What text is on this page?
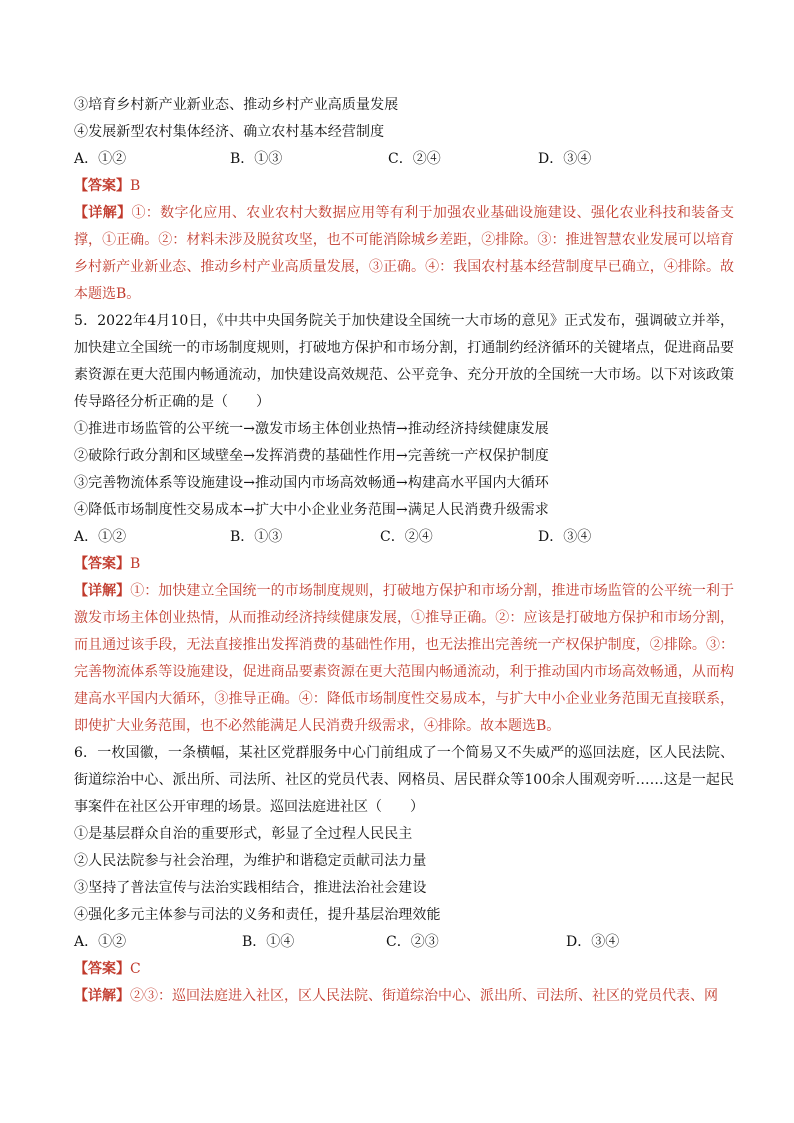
③培育乡村新产业新业态、推动乡村产业高质量发展
④发展新型农村集体经济、确立农村基本经营制度
A．①②	B．①③	C．②④	D．③④
【答案】B
【详解】①：数字化应用、农业农村大数据应用等有利于加强农业基础设施建设、强化农业科技和装备支撑，①正确。②：材料未涉及脱贫攻坚，也不可能消除城乡差距，②排除。③：推进智慧农业发展可以培育乡村新产业新业态、推动乡村产业高质量发展，③正确。④：我国农村基本经营制度早已确立，④排除。故本题选B。
5．2022年4月10日，《中共中央国务院关于加快建设全国统一大市场的意见》正式发布，强调破立并举，加快建立全国统一的市场制度规则，打破地方保护和市场分割，打通制约经济循环的关键堵点，促进商品要素资源在更大范围内畅通流动，加快建设高效规范、公平竞争、充分开放的全国统一大市场。以下对该政策传导路径分析正确的是（　　）
①推进市场监管的公平统一→激发市场主体创业热情→推动经济持续健康发展
②破除行政分割和区域壁垒→发挥消费的基础性作用→完善统一产权保护制度
③完善物流体系等设施建设→推动国内市场高效畅通→构建高水平国内大循环
④降低市场制度性交易成本→扩大中小企业业务范围→满足人民消费升级需求
A．①②	B．①③	C．②④	D．③④
【答案】B
【详解】①：加快建立全国统一的市场制度规则，打破地方保护和市场分割，推进市场监管的公平统一利于激发市场主体创业热情，从而推动经济持续健康发展，①推导正确。②：应该是打破地方保护和市场分割，而且通过该手段，无法直接推出发挥消费的基础性作用，也无法推出完善统一产权保护制度，②排除。③：完善物流体系等设施建设，促进商品要素资源在更大范围内畅通流动，利于推动国内市场高效畅通，从而构建高水平国内大循环，③推导正确。④：降低市场制度性交易成本，与扩大中小企业业务范围无直接联系，即使扩大业务范围，也不必然能满足人民消费升级需求，④排除。故本题选B。
6．一枚国徽，一条横幅，某社区党群服务中心门前组成了一个简易又不失威严的巡回法庭，区人民法院、街道综治中心、派出所、司法所、社区的党员代表、网格员、居民群众等100余人围观旁听……这是一起民事案件在社区公开审理的场景。巡回法庭进社区（　　）
①是基层群众自治的重要形式，彰显了全过程人民民主
②人民法院参与社会治理，为维护和谐稳定贡献司法力量
③坚持了普法宣传与法治实践相结合，推进法治社会建设
④强化多元主体参与司法的义务和责任，提升基层治理效能
A．①②	B．①④	C．②③	D．③④
【答案】C
【详解】②③：巡回法庭进入社区，区人民法院、街道综治中心、派出所、司法所、社区的党员代表、网
